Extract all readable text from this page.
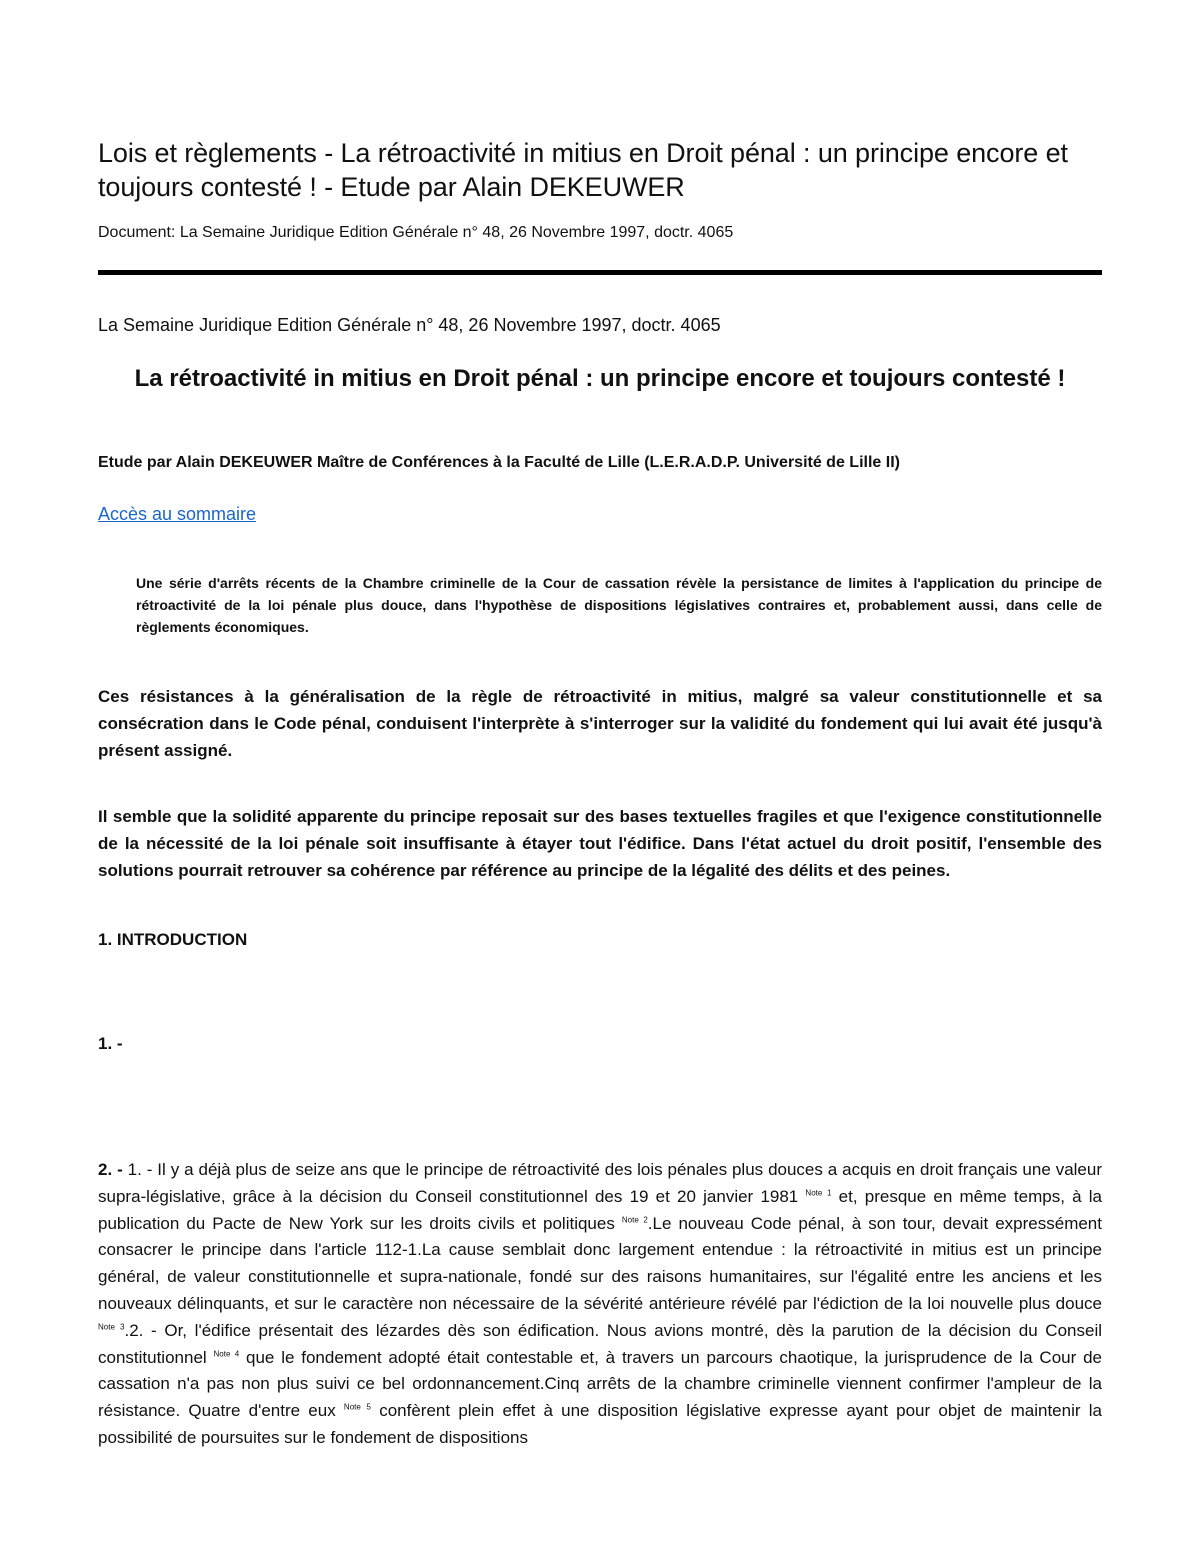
Lois et règlements - La rétroactivité in mitius en Droit pénal : un principe encore et toujours contesté ! - Etude par Alain DEKEUWER
Document: La Semaine Juridique Edition Générale n° 48, 26 Novembre 1997, doctr. 4065
La Semaine Juridique Edition Générale n° 48, 26 Novembre 1997, doctr. 4065
La rétroactivité in mitius en Droit pénal : un principe encore et toujours contesté !
Etude par Alain DEKEUWER Maître de Conférences à la Faculté de Lille (L.E.R.A.D.P. Université de Lille II)
Accès au sommaire

Une série d'arrêts récents de la Chambre criminelle de la Cour de cassation révèle la persistance de limites à l'application du principe de rétroactivité de la loi pénale plus douce, dans l'hypothèse de dispositions législatives contraires et, probablement aussi, dans celle de règlements économiques.

Ces résistances à la généralisation de la règle de rétroactivité in mitius, malgré sa valeur constitutionnelle et sa consécration dans le Code pénal, conduisent l'interprète à s'interroger sur la validité du fondement qui lui avait été jusqu'à présent assigné.

Il semble que la solidité apparente du principe reposait sur des bases textuelles fragiles et que l'exigence constitutionnelle de la nécessité de la loi pénale soit insuffisante à étayer tout l'édifice. Dans l'état actuel du droit positif, l'ensemble des solutions pourrait retrouver sa cohérence par référence au principe de la légalité des délits et des peines.

1. INTRODUCTION
1. -

2. - 1. - Il y a déjà plus de seize ans que le principe de rétroactivité des lois pénales plus douces a acquis en droit français une valeur supra-législative, grâce à la décision du Conseil constitutionnel des 19 et 20 janvier 1981 $^{Note 1}$ et, presque en même temps, à la publication du Pacte de New York sur les droits civils et politiques $^{Note 2}$.Le nouveau Code pénal, à son tour, devait expressément consacrer le principe dans l'article 112-1.La cause semblait donc largement entendue : la rétroactivité in mitius est un principe général, de valeur constitutionnelle et supra-nationale, fondé sur des raisons humanitaires, sur l'égalité entre les anciens et les nouveaux délinquants, et sur le caractère non nécessaire de la sévérité antérieure révélé par l'édiction de la loi nouvelle plus douce $^{Note 3}$.2. - Or, l'édifice présentait des lézardes dès son édification. Nous avions montré, dès la parution de la décision du Conseil constitutionnel $^{Note 4}$ que le fondement adopté était contestable et, à travers un parcours chaotique, la jurisprudence de la Cour de cassation n'a pas non plus suivi ce bel ordonnancement.Cinq arrêts de la chambre criminelle viennent confirmer l'ampleur de la résistance. Quatre d'entre eux $^{Note 5}$ confèrent plein effet à une disposition législative expresse ayant pour objet de maintenir la possibilité de poursuites sur le fondement de dispositions
